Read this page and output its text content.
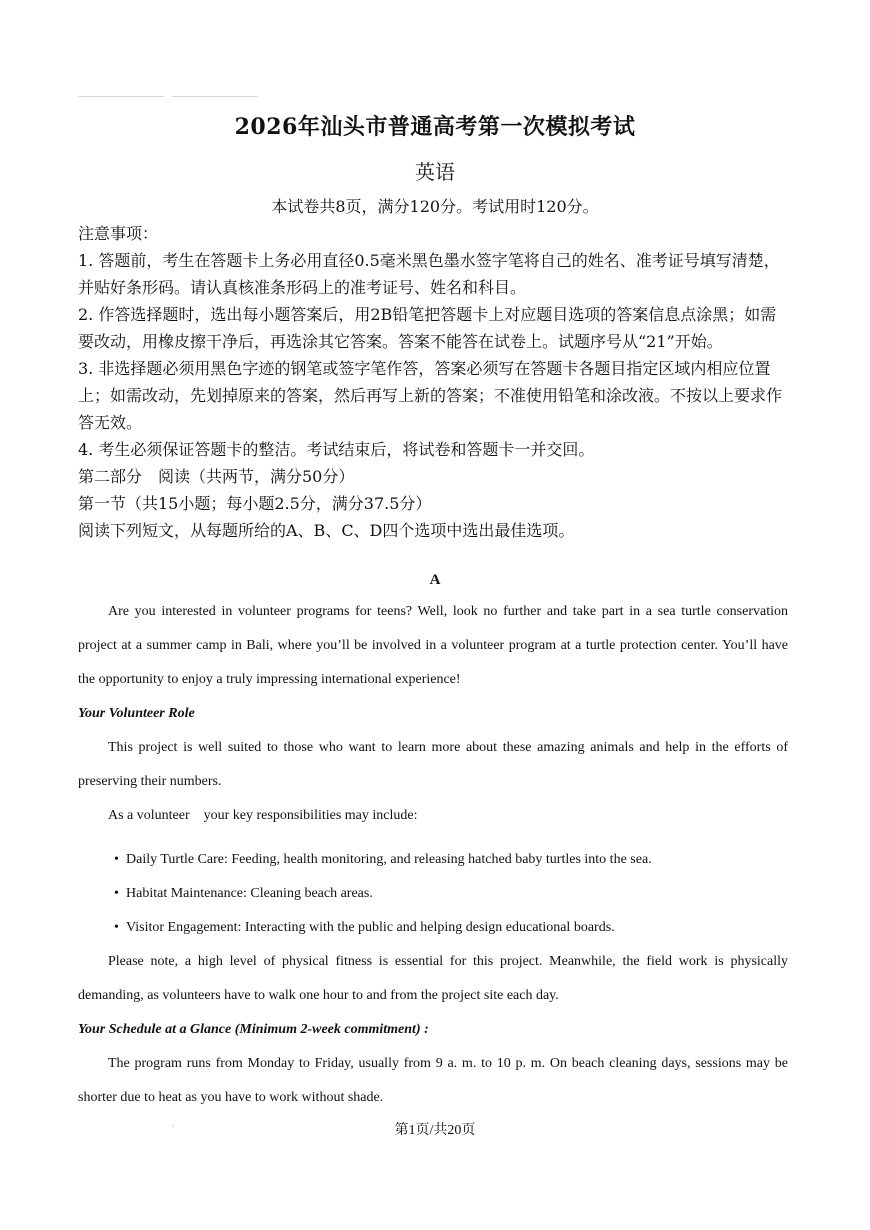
2026年汕头市普通高考第一次模拟考试
英语
本试卷共8页，满分120分。考试用时120分。
注意事项：
1. 答题前，考生在答题卡上务必用直径0.5毫米黑色墨水签字笔将自己的姓名、准考证号填写清楚，并贴好条形码。请认真核准条形码上的准考证号、姓名和科目。
2. 作答选择题时，选出每小题答案后，用2B铅笔把答题卡上对应题目选项的答案信息点涂黑；如需要改动，用橡皮擦干净后，再选涂其它答案。答案不能答在试卷上。试题序号从“21”开始。
3. 非选择题必须用黑色字迹的钢笔或签字笔作答，答案必须写在答题卡各题目指定区域内相应位置上；如需改动，先划掉原来的答案，然后再写上新的答案；不准使用铅笔和涂改液。不按以上要求作答无效。
4. 考生必须保证答题卡的整洁。考试结束后，将试卷和答题卡一并交回。
第二部分　阅读（共两节，满分50分）
第一节（共15小题；每小题2.5分，满分37.5分）
阅读下列短文，从每题所给的A、B、C、D四个选项中选出最佳选项。
A

Are you interested in volunteer programs for teens? Well, look no further and take part in a sea turtle conservation project at a summer camp in Bali, where you’ll be involved in a volunteer program at a turtle protection center. You’ll have the opportunity to enjoy a truly impressing international experience!

Your Volunteer Role

This project is well suited to those who want to learn more about these amazing animals and help in the efforts of preserving their numbers.

As a volunteer　your key responsibilities may include:

• Daily Turtle Care: Feeding, health monitoring, and releasing hatched baby turtles into the sea.
• Habitat Maintenance: Cleaning beach areas.
• Visitor Engagement: Interacting with the public and helping design educational boards.

Please note, a high level of physical fitness is essential for this project. Meanwhile, the field work is physically demanding, as volunteers have to walk one hour to and from the project site each day.

Your Schedule at a Glance (Minimum 2-week commitment) :

The program runs from Monday to Friday, usually from 9 a. m. to 10 p. m. On beach cleaning days, sessions may be shorter due to heat as you have to work without shade.

·	第1页/共20页
